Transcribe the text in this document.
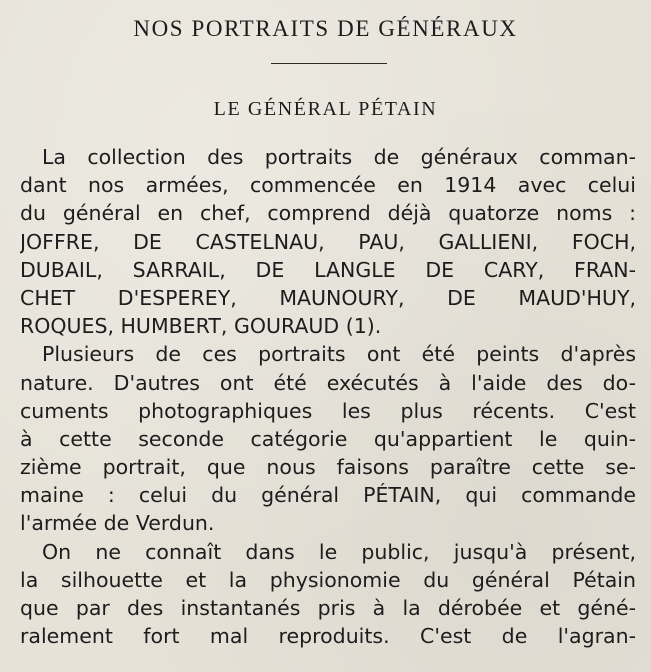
NOS PORTRAITS DE GÉNÉRAUX
LE GÉNÉRAL PÉTAIN
La collection des portraits de généraux comman-
dant nos armées, commencée en 1914 avec celui
du général en chef, comprend déjà quatorze noms :
JOFFRE, DE CASTELNAU, PAU, GALLIENI, FOCH,
DUBAIL, SARRAIL, DE LANGLE DE CARY, FRAN-
CHET D'ESPEREY, MAUNOURY, DE MAUD'HUY,
ROQUES, HUMBERT, GOURAUD (1).
Plusieurs de ces portraits ont été peints d'après
nature. D'autres ont été exécutés à l'aide des do-
cuments photographiques les plus récents. C'est
à cette seconde catégorie qu'appartient le quin-
zième portrait, que nous faisons paraître cette se-
maine : celui du général PÉTAIN, qui commande
l'armée de Verdun.
On ne connaît dans le public, jusqu'à présent,
la silhouette et la physionomie du général Pétain
que par des instantanés pris à la dérobée et géné-
ralement fort mal reproduits. C'est de l'agran-
